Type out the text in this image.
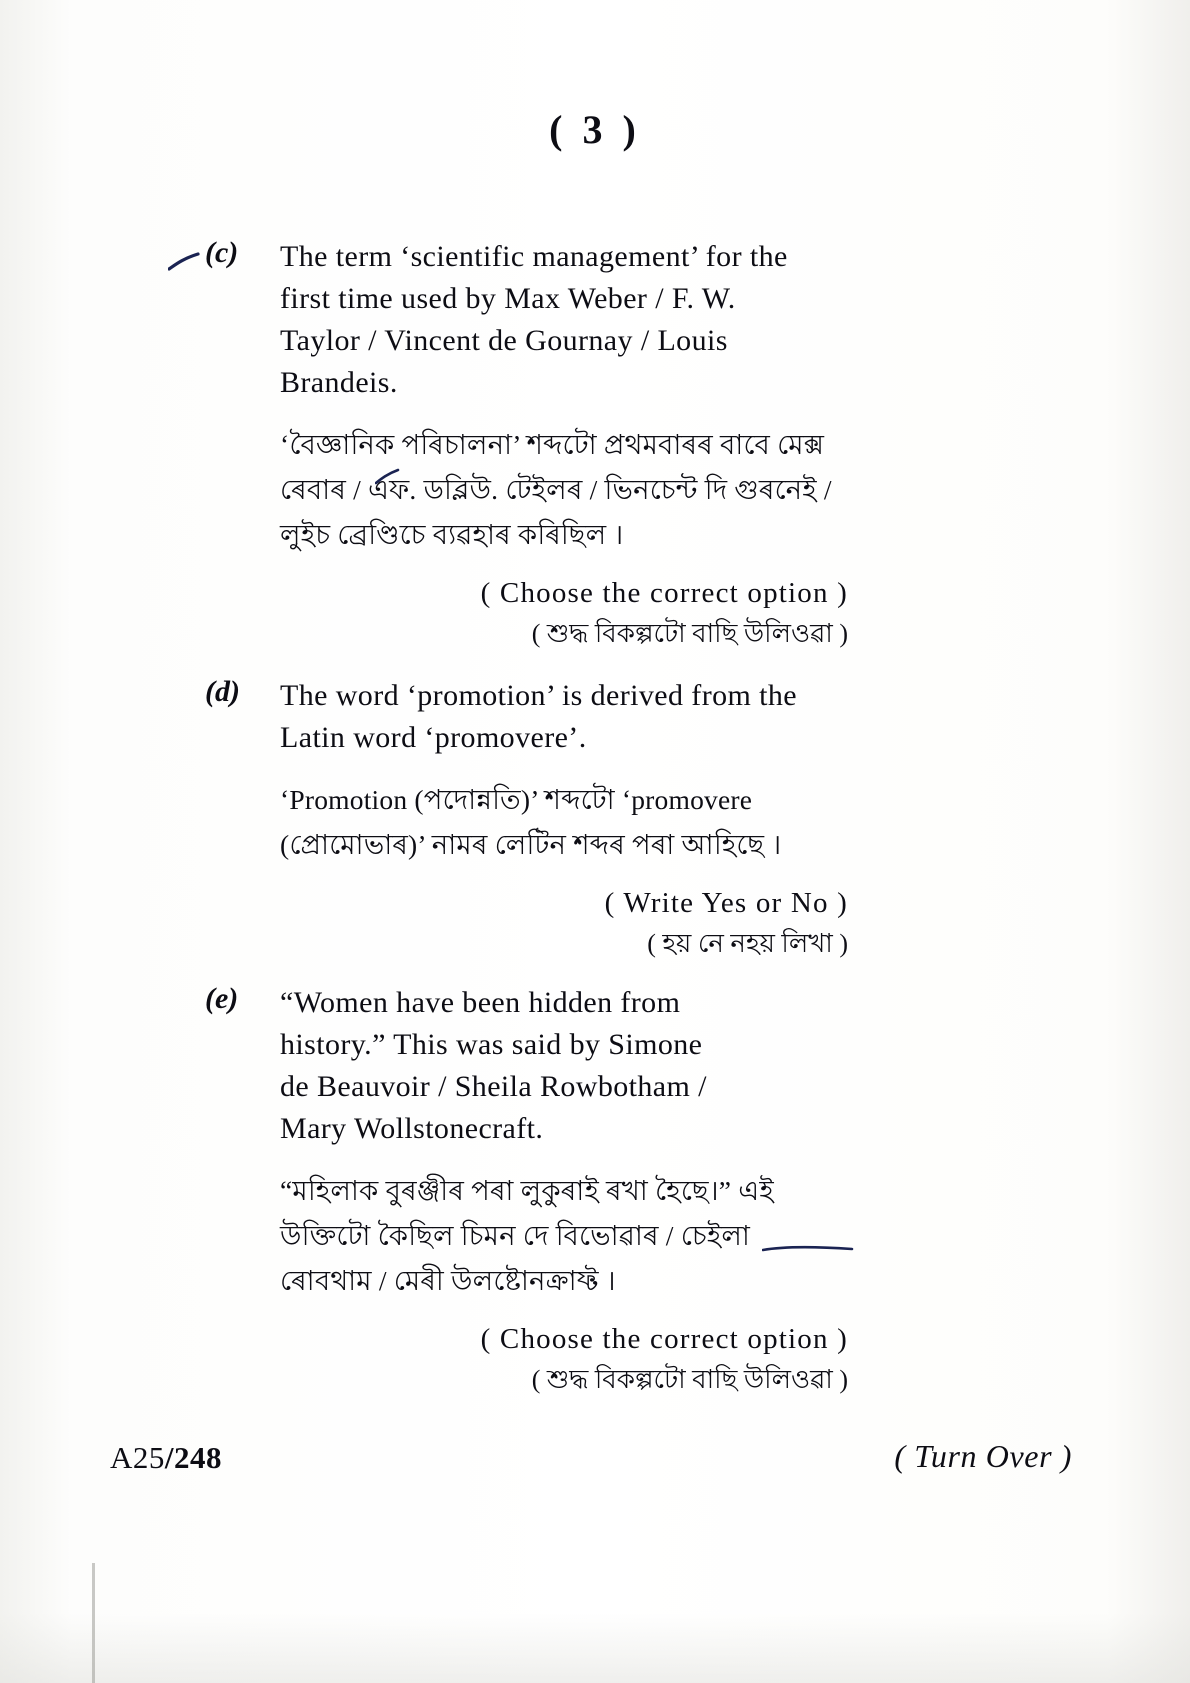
( 3 )
(c)	The term ‘scientific management’ for the
first time used by Max Weber / F. W.
Taylor / Vincent de Gournay / Louis
Brandeis.
‘বৈজ্ঞানিক পৰিচালনা’ শব্দটো প্ৰথমবাৰৰ বাবে মেক্স
ৰেবাৰ / এফ. ডব্লিউ. টেইলৰ / ভিনচেন্ট দি গুৰনেই /
লুইচ ব্ৰেণ্ডিচে ব্যৱহাৰ কৰিছিল ।
( Choose the correct option )
( শুদ্ধ বিকল্পটো বাছি উলিওৱা )
(d)	The word ‘promotion’ is derived from the
Latin word ‘promovere’.
‘Promotion (পদোন্নতি)’ শব্দটো ‘promovere
(প্ৰোমোভাৰ)’ নামৰ লেটিন শব্দৰ পৰা আহিছে ।
( Write Yes or No )
( হয় নে নহয় লিখা )
(e)	“Women have been hidden from
history.” This was said by Simone
de Beauvoir / Sheila Rowbotham /
Mary Wollstonecraft.
“মহিলাক বুৰঞ্জীৰ পৰা লুকুৰাই ৰখা হৈছে।” এই
উক্তিটো কৈছিল চিমন দে বিভোৱাৰ / চেইলা
ৰোবথাম / মেৰী উলষ্টোনক্ৰাফ্ট ।
( Choose the correct option )
( শুদ্ধ বিকল্পটো বাছি উলিওৱা )
A25/248	( Turn Over )
